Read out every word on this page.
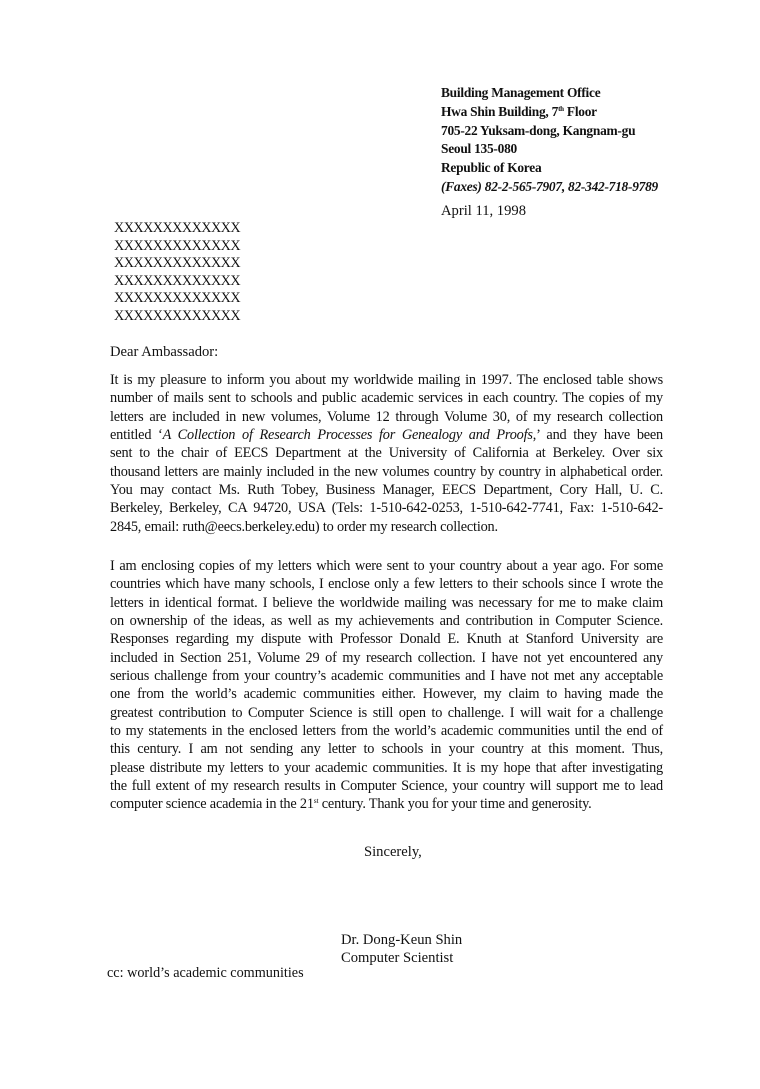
Building Management Office
Hwa Shin Building, 7th Floor
705-22 Yuksam-dong, Kangnam-gu
Seoul 135-080
Republic of Korea
(Faxes) 82-2-565-7907, 82-342-718-9789
April 11, 1998
XXXXXXXXXXXXX
XXXXXXXXXXXXX
XXXXXXXXXXXXX
XXXXXXXXXXXXX
XXXXXXXXXXXXX
XXXXXXXXXXXXX
Dear Ambassador:
It is my pleasure to inform you about my worldwide mailing in 1997. The enclosed table shows
number of mails sent to schools and public academic services in each country. The copies of my
letters are included in new volumes, Volume 12 through Volume 30, of my research collection
entitled ‘A Collection of Research Processes for Genealogy and Proofs,’ and they have been
sent to the chair of EECS Department at the University of California at Berkeley. Over six
thousand letters are mainly included in the new volumes country by country in alphabetical order.
You may contact Ms. Ruth Tobey, Business Manager, EECS Department, Cory Hall, U. C.
Berkeley, Berkeley, CA 94720, USA (Tels: 1-510-642-0253, 1-510-642-7741, Fax: 1-510-642-
2845, email: ruth@eecs.berkeley.edu) to order my research collection.
I am enclosing copies of my letters which were sent to your country about a year ago. For some
countries which have many schools, I enclose only a few letters to their schools since I wrote the
letters in identical format. I believe the worldwide mailing was necessary for me to make claim
on ownership of the ideas, as well as my achievements and contribution in Computer Science.
Responses regarding my dispute with Professor Donald E. Knuth at Stanford University are
included in Section 251, Volume 29 of my research collection. I have not yet encountered any
serious challenge from your country’s academic communities and I have not met any acceptable
one from the world’s academic communities either. However, my claim to having made the
greatest contribution to Computer Science is still open to challenge. I will wait for a challenge
to my statements in the enclosed letters from the world’s academic communities until the end of
this century. I am not sending any letter to schools in your country at this moment. Thus,
please distribute my letters to your academic communities. It is my hope that after investigating
the full extent of my research results in Computer Science, your country will support me to lead
computer science academia in the 21st century. Thank you for your time and generosity.
Sincerely,
Dr. Dong-Keun Shin
Computer Scientist
cc: world’s academic communities
